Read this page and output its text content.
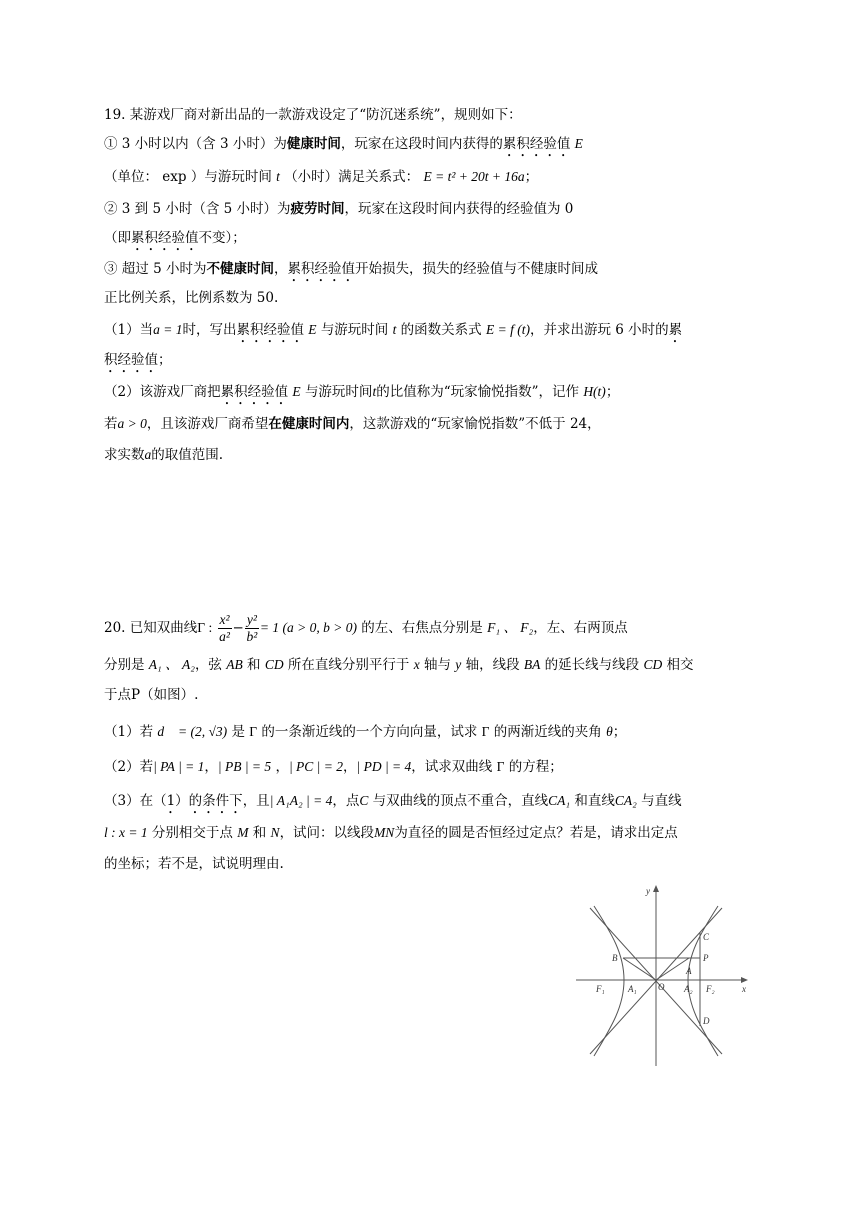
19. 某游戏厂商对新出品的一款游戏设定了“防沉迷系统”，规则如下：
① 3 小时以内（含 3 小时）为健康时间，玩家在这段时间内获得的累积经验值 E
（单位： exp ）与游玩时间 t （小时）满足关系式： E = t² + 20t + 16a；
② 3 到 5 小时（含 5 小时）为疲劳时间，玩家在这段时间内获得的经验值为 0
（即累积经验值不变）；
③ 超过 5 小时为不健康时间，累积经验值开始损失，损失的经验值与不健康时间成
正比例关系，比例系数为 50.
（1）当a = 1时，写出累积经验值 E 与游玩时间 t 的函数关系式 E = f (t)，并求出游玩 6 小时的累
积经验值；
（2）该游戏厂商把累积经验值 E 与游玩时间t的比值称为“玩家愉悦指数”，记作 H(t)；
若a > 0，且该游戏厂商希望在健康时间内，这款游戏的“玩家愉悦指数”不低于 24，
求实数a的取值范围.
20. 已知双曲线Γ : $\frac{\text{x²}}{\text{a²}} - \frac{\text{y²}}{\text{b²}} = 1$ (a > 0, b > 0) 的左、右焦点分别是 F₁ 、 F₂，左、右两顶点
分别是 A₁ 、 A₂，弦 AB 和 CD 所在直线分别平行于 x 轴与 y 轴，线段 BA 的延长线与线段 CD 相交
于点P（如图）.
（1）若 d⃗ = (2, √3) 是 Γ 的一条渐近线的一个方向向量，试求 Γ 的两渐近线的夹角 θ；
（2）若| PA | = 1，| PB | = 5 ，| PC | = 2，| PD | = 4，试求双曲线 Γ 的方程；
（3）在（1）的条件下，且| A₁A₂ | = 4，点C 与双曲线的顶点不重合，直线CA₁ 和直线CA₂ 与直线
l : x = 1 分别相交于点 M 和 N，试问：以线段MN为直径的圆是否恒经过定点？若是，请求出定点
的坐标；若不是，试说明理由.
y
x
C
B
A
P
F₁	A₁ O A₂ F₂
D
